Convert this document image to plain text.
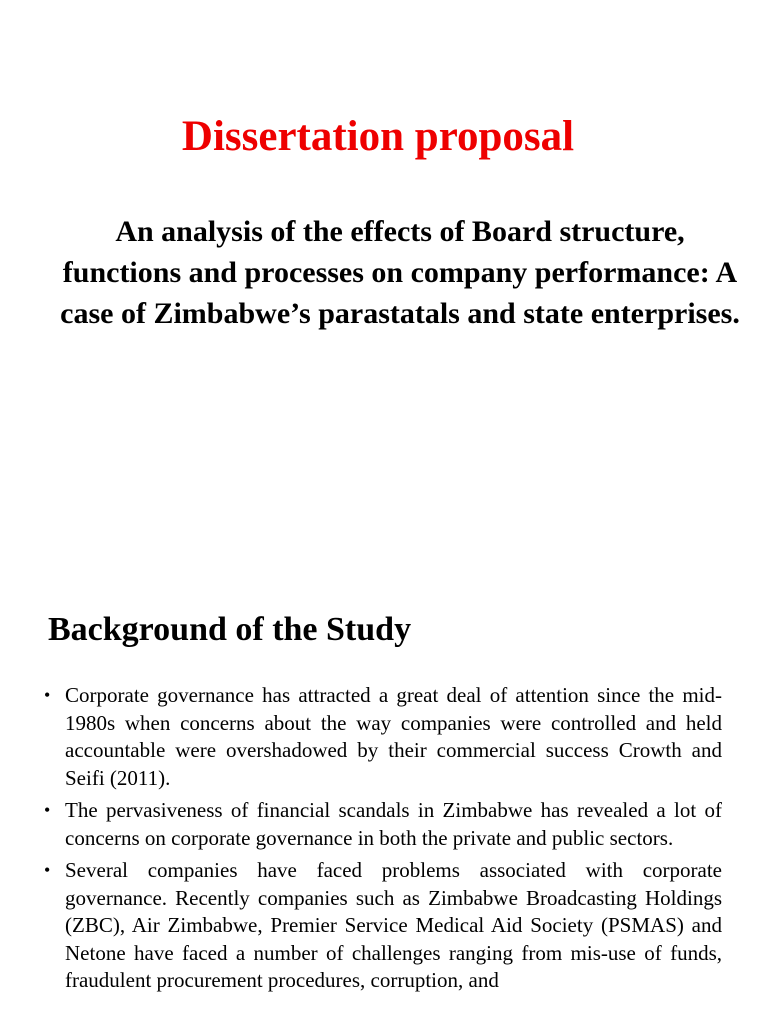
Dissertation proposal

An analysis of the effects of Board structure, functions and processes on company performance: A case of Zimbabwe’s parastatals and state enterprises.

Background of the Study
• Corporate governance has attracted a great deal of attention since the mid-1980s when concerns about the way companies were controlled and held accountable were overshadowed by their commercial success Crowth and Seifi (2011).
• The pervasiveness of financial scandals in Zimbabwe has revealed a lot of concerns on corporate governance in both the private and public sectors.
• Several companies have faced problems associated with corporate governance. Recently companies such as Zimbabwe Broadcasting Holdings (ZBC), Air Zimbabwe, Premier Service Medical Aid Society (PSMAS) and Netone have faced a number of challenges ranging from mis-use of funds, fraudulent procurement procedures, corruption, and
